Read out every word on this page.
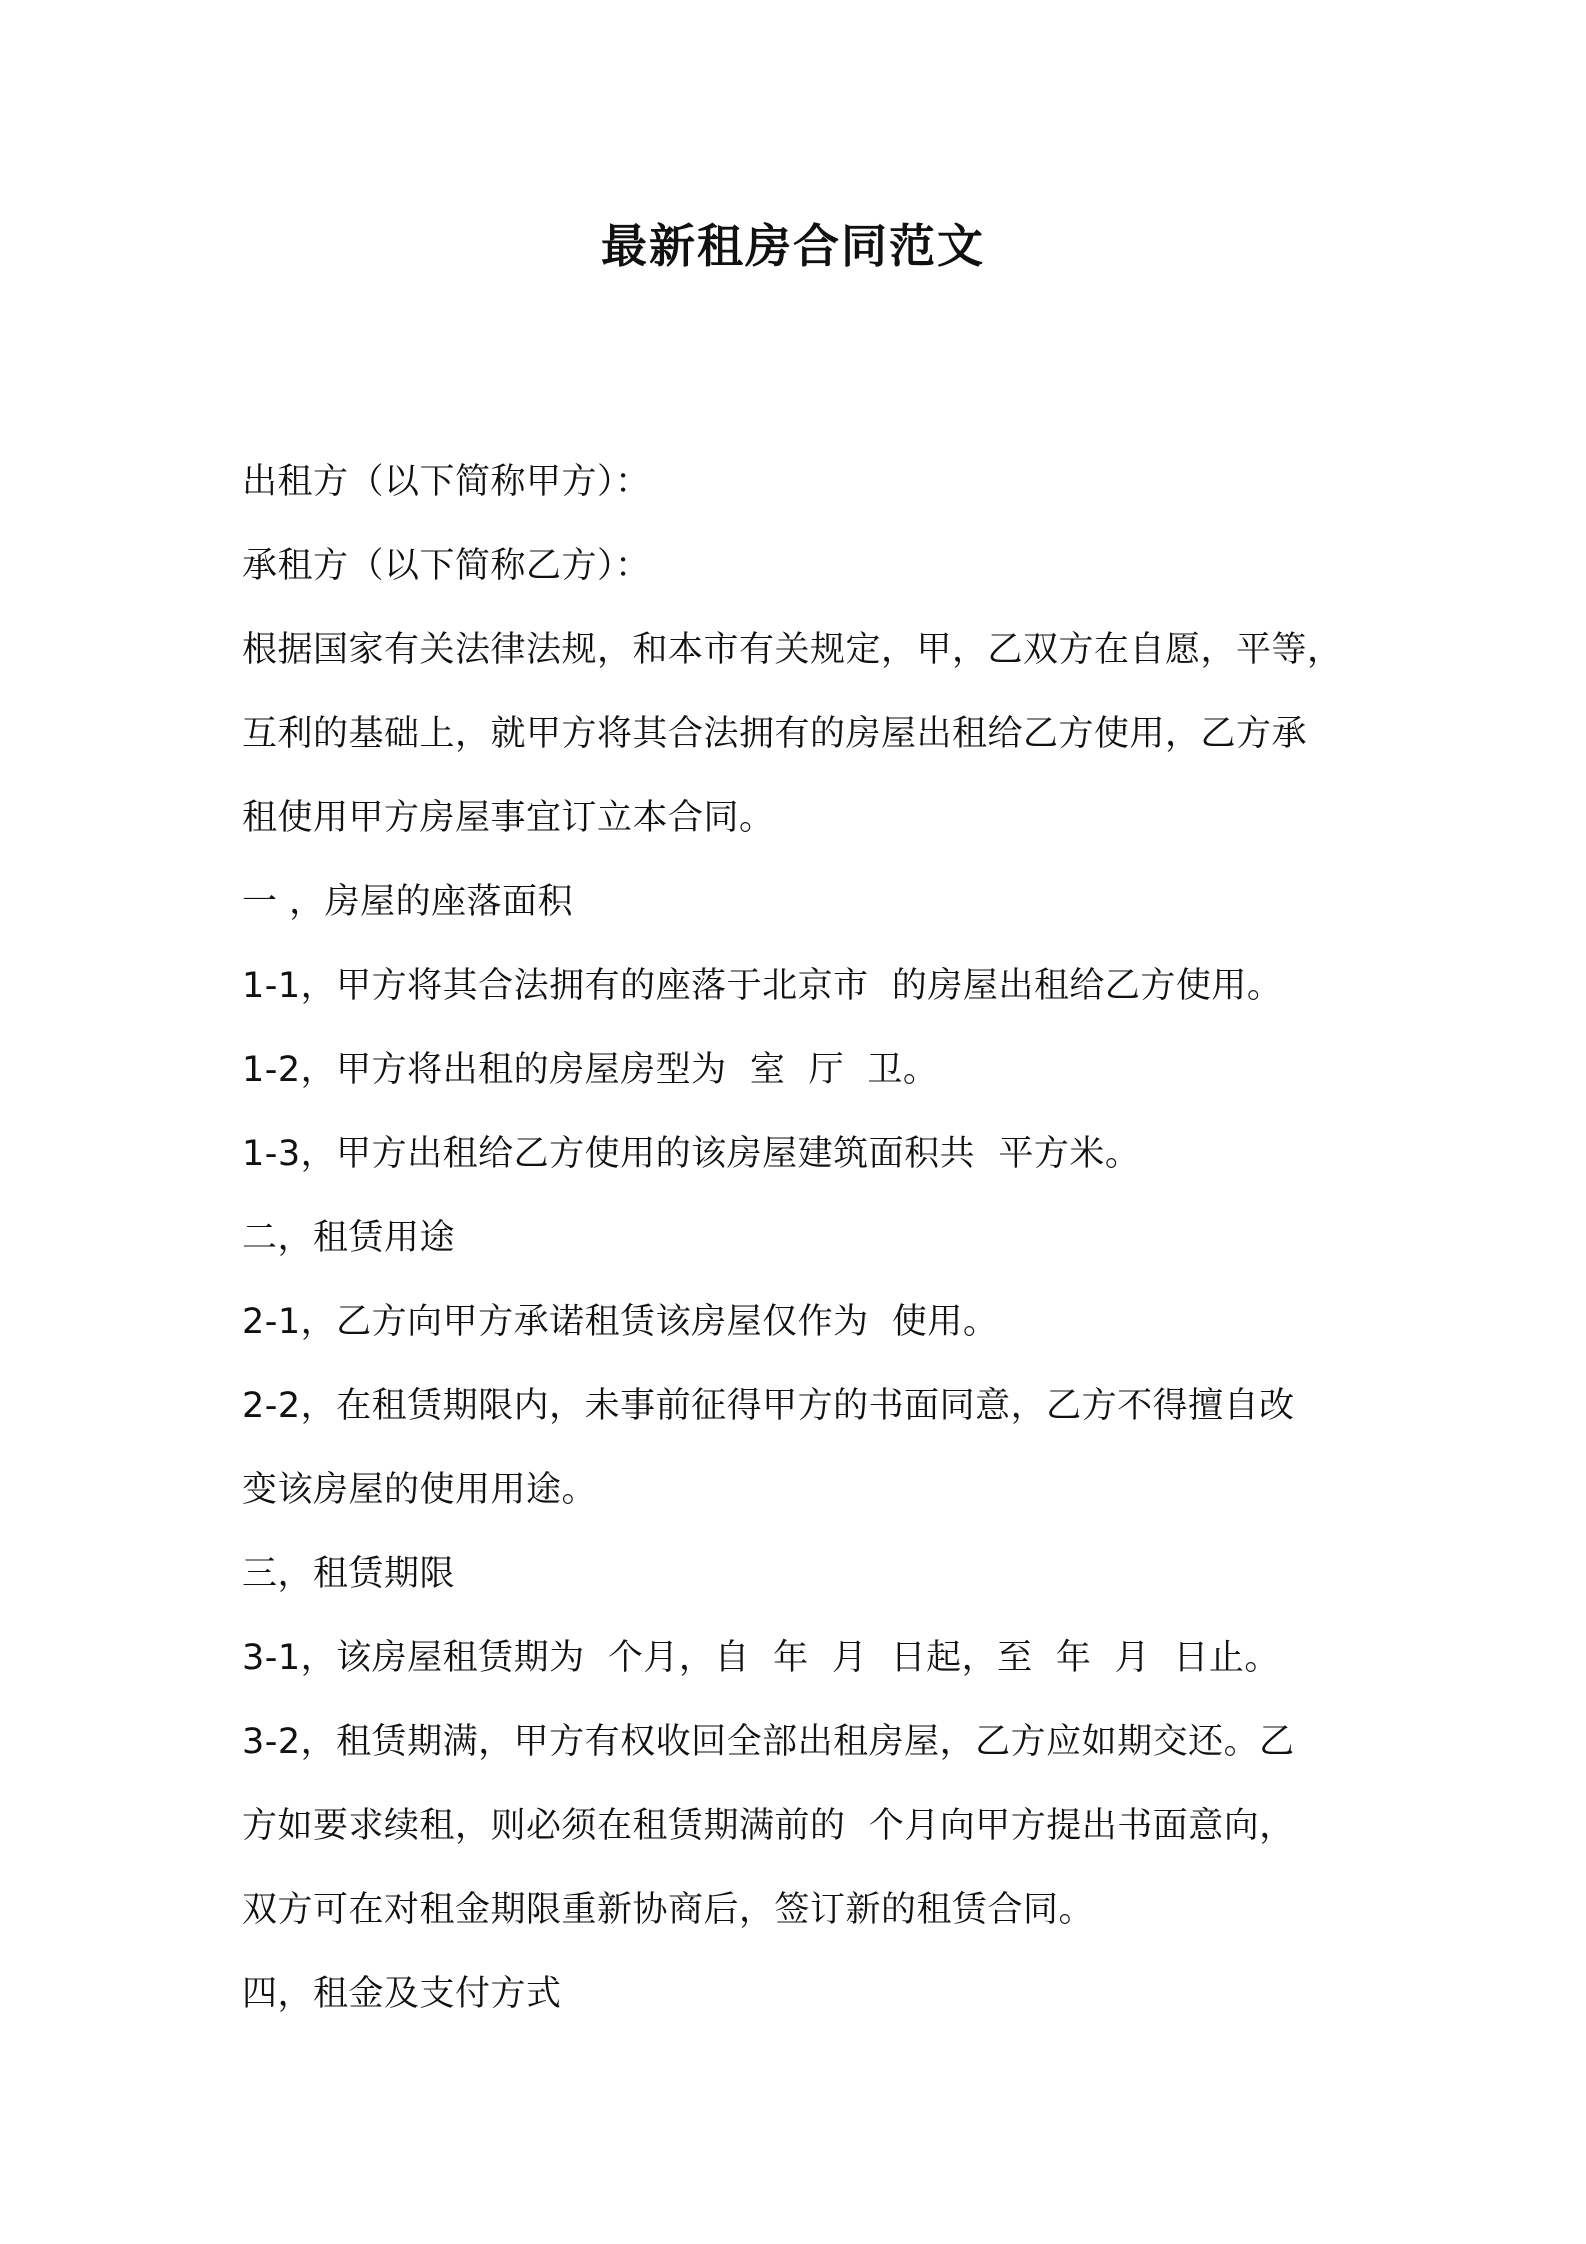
最新租房合同范文
出租方（以下简称甲方）：
承租方（以下简称乙方）：
根据国家有关法律法规，和本市有关规定，甲，乙双方在自愿，平等，
互利的基础上，就甲方将其合法拥有的房屋出租给乙方使用，乙方承
租使用甲方房屋事宜订立本合同。
一 ，房屋的座落面积
1-1，甲方将其合法拥有的座落于北京市  的房屋出租给乙方使用。
1-2，甲方将出租的房屋房型为  室  厅  卫。
1-3，甲方出租给乙方使用的该房屋建筑面积共  平方米。
二，租赁用途
2-1，乙方向甲方承诺租赁该房屋仅作为  使用。
2-2，在租赁期限内，未事前征得甲方的书面同意，乙方不得擅自改
变该房屋的使用用途。
三，租赁期限
3-1，该房屋租赁期为  个月，自  年  月  日起，至  年  月  日止。
3-2，租赁期满，甲方有权收回全部出租房屋，乙方应如期交还。乙
方如要求续租，则必须在租赁期满前的  个月向甲方提出书面意向，
双方可在对租金期限重新协商后，签订新的租赁合同。
四，租金及支付方式
